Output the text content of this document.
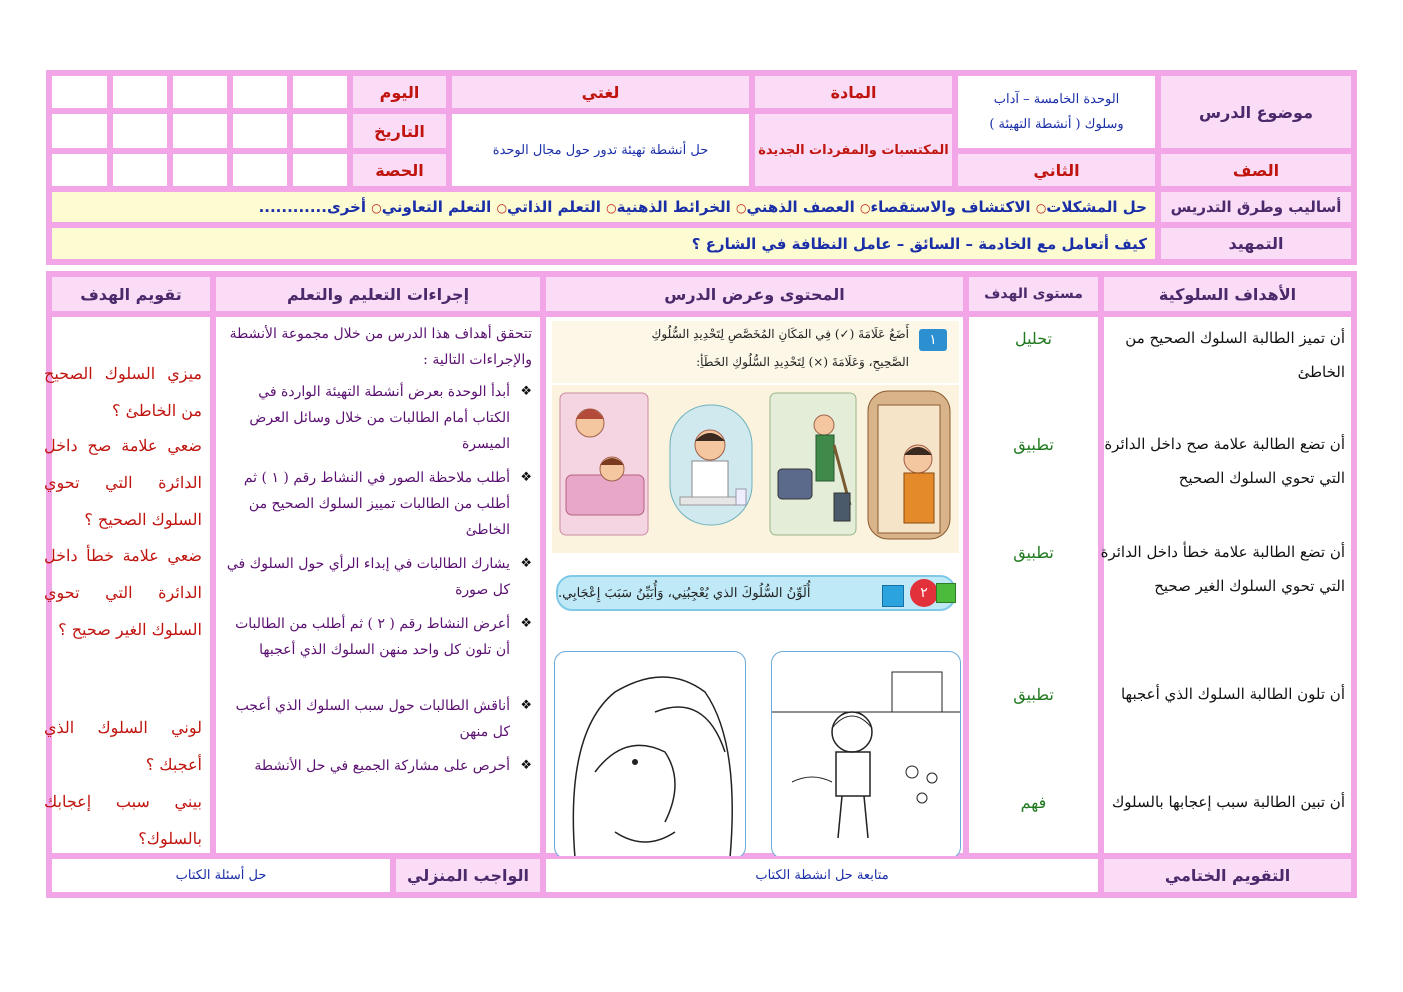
موضوع الدرس
الوحدة الخامسة – آداب
وسلوك ( أنشطة التهيئة )
المادة
لغتي
اليوم
المكتسبات والمفردات الجديدة
حل أنشطة تهيئة تدور حول مجال الوحدة
التاريخ
الحصة	الصف
الثاني
أساليب وطرق التدريس
حل المشكلات○ الاكتشاف والاستقصاء○ العصف الذهني○ الخرائط الذهنية○ التعلم الذاتي○ التعلم التعاوني○ أخرى............
التمهيد
كيف أتعامل مع الخادمة – السائق – عامل النظافة في الشارع ؟
الأهداف السلوكية
مستوى الهدف
المحتوى وعرض الدرس
إجراءات التعليم والتعلم
تقويم الهدف
أن تميز الطالبة السلوك الصحيح من الخاطئ
أن تضع الطالبة علامة صح داخل الدائرة التي تحوي السلوك الصحيح
أن تضع الطالبة علامة خطأ داخل الدائرة التي تحوي السلوك الغير صحيح
أن تلون الطالبة السلوك الذي أعجبها
أن تبين الطالبة سبب إعجابها بالسلوك
تحليل
تطبيق
تطبيق
تطبيق
فهم
١
أَضَعُ عَلَامَةَ (✓) فِي المَكَانِ المُخَصَّصِ لِتَحْدِيدِ السُّلُوكِ
الصَّحِيحِ، وَعَلَامَةَ (×) لِتَحْدِيدِ السُّلُوكِ الخَطَأِ:
أُلَوِّنُ السُّلُوكَ الذي يُعْجِبُنِي، وَأُبَيِّنُ سَبَبَ إِعْجَابِي.	٢
تتحقق أهداف هذا الدرس من خلال مجموعة الأنشطة والإجراءات التالية :
❖ أبدأ الوحدة بعرض أنشطة التهيئة الواردة في الكتاب أمام الطالبات من خلال وسائل العرض الميسرة
❖ أطلب ملاحظة الصور في النشاط رقم ( ١ ) ثم أطلب من الطالبات تمييز السلوك الصحيح من الخاطئ
❖ يشارك الطالبات في إبداء الرأي حول السلوك في كل صورة
❖ أعرض النشاط رقم ( ٢ ) ثم أطلب من الطالبات أن تلون كل واحد منهن السلوك الذي أعجبها
❖ أناقش الطالبات حول سبب السلوك الذي أعجب كل منهن
❖ أحرص على مشاركة الجميع في حل الأنشطة
ميزي السلوك الصحيح من الخاطئ ؟
ضعي علامة صح داخل الدائرة التي تحوي السلوك الصحيح ؟
ضعي علامة خطأ داخل الدائرة التي تحوي السلوك الغير صحيح ؟
لوني السلوك الذي أعجبك ؟
بيني سبب إعجابك بالسلوك؟
التقويم الختامي
متابعة حل انشطة الكتاب
الواجب المنزلي
حل أسئلة الكتاب
